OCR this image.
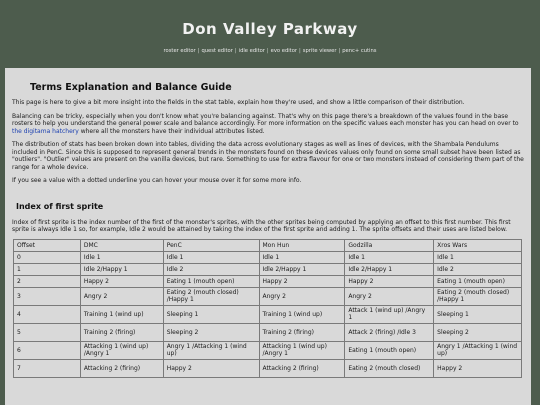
Don Valley Parkway
roster editor | quest editor | idle editor | evo editor | sprite viewer | penc+ cutins
Terms Explanation and Balance Guide

This page is here to give a bit more insight into the fields in the stat table, explain how they're used, and show a little comparison of their distribution.

Balancing can be tricky, especially when you don't know what you're balancing against. That's why on this page there's a breakdown of the values found in the base rosters to help you understand the general power scale and balance accordingly. For more information on the specific values each monster has you can head on over to the digitama hatchery where all the monsters have their individual attributes listed.

The distribution of stats has been broken down into tables, dividing the data across evolutionary stages as well as lines of devices, with the Shambala Pendulums included in PenC. Since this is supposed to represent general trends in the monsters found on these devices values only found on some small subset have been listed as "outliers". "Outlier" values are present on the vanilla devices, but rare. Something to use for extra flavour for one or two monsters instead of considering them part of the range for a whole device.

If you see a value with a dotted underline you can hover your mouse over it for some more info.

Index of first sprite

Index of first sprite is the index number of the first of the monster's sprites, with the other sprites being computed by applying an offset to this first number. This first sprite is always Idle 1 so, for example, Idle 2 would be attained by taking the index of the first sprite and adding 1. The sprite offsets and their uses are listed below.

Offset	DMC	PenC	Mon Hun	Godzilla	Xros Wars
0	Idle 1	Idle 1	Idle 1	Idle 1	Idle 1
1	Idle 2/Happy 1	Idle 2	Idle 2/Happy 1	Idle 2/Happy 1	Idle 2
2	Happy 2	Eating 1 (mouth open)	Happy 2	Happy 2	Eating 1 (mouth open)
3	Angry 2	Eating 2 (mouth closed) /Happy 1	Angry 2	Angry 2	Eating 2 (mouth closed) /Happy 1
4	Training 1 (wind up)	Sleeping 1	Training 1 (wind up)	Attack 1 (wind up) /Angry 1	Sleeping 1
5	Training 2 (firing)	Sleeping 2	Training 2 (firing)	Attack 2 (firing) /Idle 3	Sleeping 2
6	Attacking 1 (wind up) /Angry 1	Angry 1 /Attacking 1 (wind up)	Attacking 1 (wind up) /Angry 1	Eating 1 (mouth open)	Angry 1 /Attacking 1 (wind up)
7	Attacking 2 (firing)	Happy 2	Attacking 2 (firing)	Eating 2 (mouth closed)	Happy 2
